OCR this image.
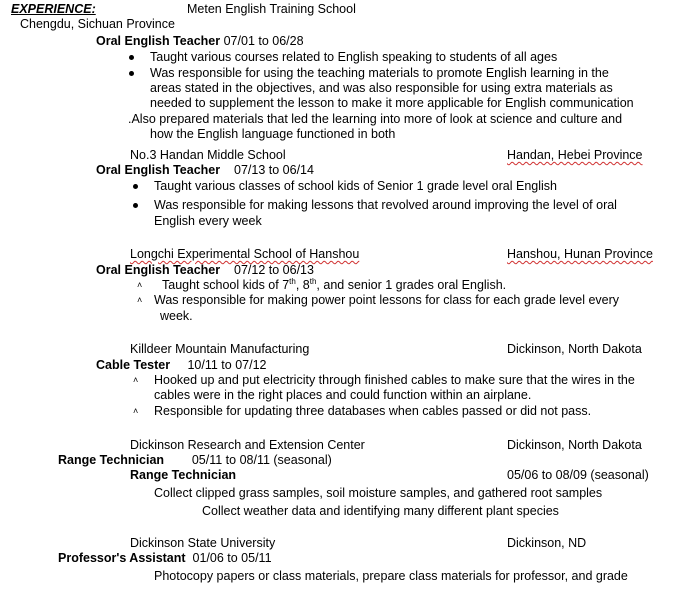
EXPERIENCE:	Meten English Training School
Chengdu, Sichuan Province
Oral English Teacher 07/01 to 06/28
Taught various courses related to English speaking to students of all ages
Was responsible for using the teaching materials to promote English learning in the
areas stated in the objectives, and was also responsible for using extra materials as
needed to supplement the lesson to make it more applicable for English communication
.Also prepared materials that led the learning into more of look at science and culture and
how the English language functioned in both
No.3 Handan Middle School	Handan, Hebei Province
Oral English Teacher 07/13 to 06/14
Taught various classes of school kids of Senior 1 grade level oral English
Was responsible for making lessons that revolved around improving the level of oral
English every week
Longchi Experimental School of Hanshou	Hanshou, Hunan Province
Oral English Teacher 07/12 to 06/13
˄ Taught school kids of 7th, 8th, and senior 1 grades oral English.
˄ Was responsible for making power point lessons for class for each grade level every
week.
Killdeer Mountain Manufacturing	Dickinson, North Dakota
Cable Tester 10/11 to 07/12
˄ Hooked up and put electricity through finished cables to make sure that the wires in the
cables were in the right places and could function within an airplane.
˄ Responsible for updating three databases when cables passed or did not pass.
Dickinson Research and Extension Center	Dickinson, North Dakota
Range Technician 05/11 to 08/11 (seasonal)
Range Technician	05/06 to 08/09 (seasonal)
Collect clipped grass samples, soil moisture samples, and gathered root samples
Collect weather data and identifying many different plant species
Dickinson State University	Dickinson, ND
Professor's Assistant 01/06 to 05/11
Photocopy papers or class materials, prepare class materials for professor, and grade
